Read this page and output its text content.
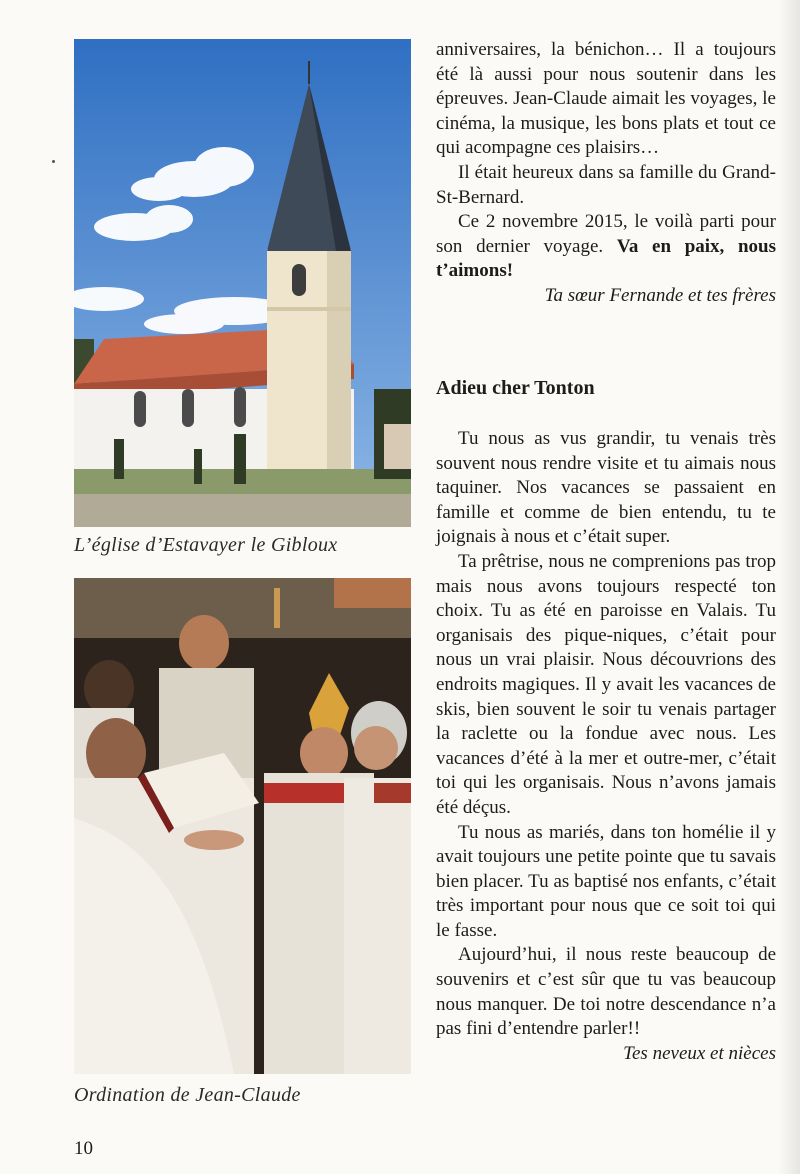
L’église d’Estavayer le Gibloux
Ordination de Jean-Claude

anniversaires, la bénichon… Il a toujours été là aussi pour nous soutenir dans les épreuves. Jean-Claude aimait les voyages, le cinéma, la musique, les bons plats et tout ce qui acompagne ces plaisirs…

Il était heureux dans sa famille du Grand-St-Bernard.

Ce 2 novembre 2015, le voilà parti pour son dernier voyage. Va en paix, nous t’aimons!

Ta sœur Fernande et tes frères
Adieu cher Tonton

Tu nous as vus grandir, tu venais très souvent nous rendre visite et tu aimais nous taquiner. Nos vacances se passaient en famille et comme de bien entendu, tu te joignais à nous et c’était super.

Ta prêtrise, nous ne comprenions pas trop mais nous avons toujours respecté ton choix. Tu as été en paroisse en Valais. Tu organisais des pique-niques, c’était pour nous un vrai plaisir. Nous découvrions des endroits magiques. Il y avait les vacances de skis, bien souvent le soir tu venais partager la raclette ou la fondue avec nous. Les vacances d’été à la mer et outre-mer, c’était toi qui les organisais. Nous n’avons jamais été déçus.

Tu nous as mariés, dans ton homélie il y avait toujours une petite pointe que tu savais bien placer. Tu as baptisé nos enfants, c’était très important pour nous que ce soit toi qui le fasse.

Aujourd’hui, il nous reste beaucoup de souvenirs et c’est sûr que tu vas beaucoup nous manquer. De toi notre descendance n’a pas fini d’entendre parler!!

Tes neveux et nièces
10
